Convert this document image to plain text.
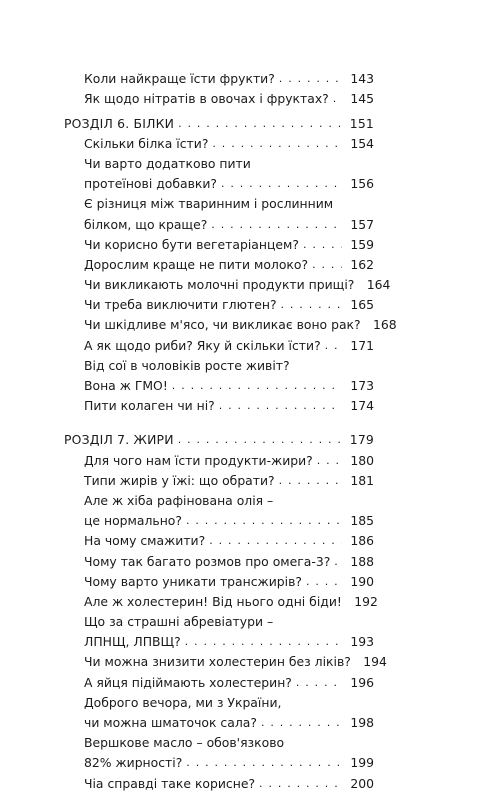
Коли найкраще їсти фрукти? . . .	143
Як щодо нітратів в овочах і фруктах? . . .	145
РОЗДІЛ 6. БІЛКИ . . .	151
Скільки білка їсти? . . .	154
Чи варто додатково пити
протеїнові добавки? . . .	156
Є різниця між тваринним і рослинним
білком, що краще? . . .	157
Чи корисно бути вегетаріанцем? . . .	159
Дорослим краще не пити молоко? . . .	162
Чи викликають молочні продукти прищі? 164
Чи треба виключити глютен? . . .	165
Чи шкідливе м'ясо, чи викликає воно рак? 168
А як щодо риби? Яку й скільки їсти? . . .	171
Від сої в чоловіків росте живіт?
Вона ж ГМО! . . .	173
Пити колаген чи ні? . . .	174
РОЗДІЛ 7. ЖИРИ . . .	179
Для чого нам їсти продукти-жири? . . .	180
Типи жирів у їжі: що обрати? . . .	181
Але ж хіба рафінована олія –
це нормально? . . .	185
На чому смажити? . . .	186
Чому так багато розмов про омега-3? . . .	188
Чому варто уникати трансжирів? . . .	190
Але ж холестерин! Від нього одні біди! 192
Що за страшні абревіатури –
ЛПНЩ, ЛПВЩ? . . .	193
Чи можна знизити холестерин без ліків? 194
А яйця підіймають холестерин? . . .	196
Доброго вечора, ми з України,
чи можна шматочок сала? . . .	198
Вершкове масло – обов'язково
82% жирності? . . .	199
Чіа справді таке корисне? . . .	200
